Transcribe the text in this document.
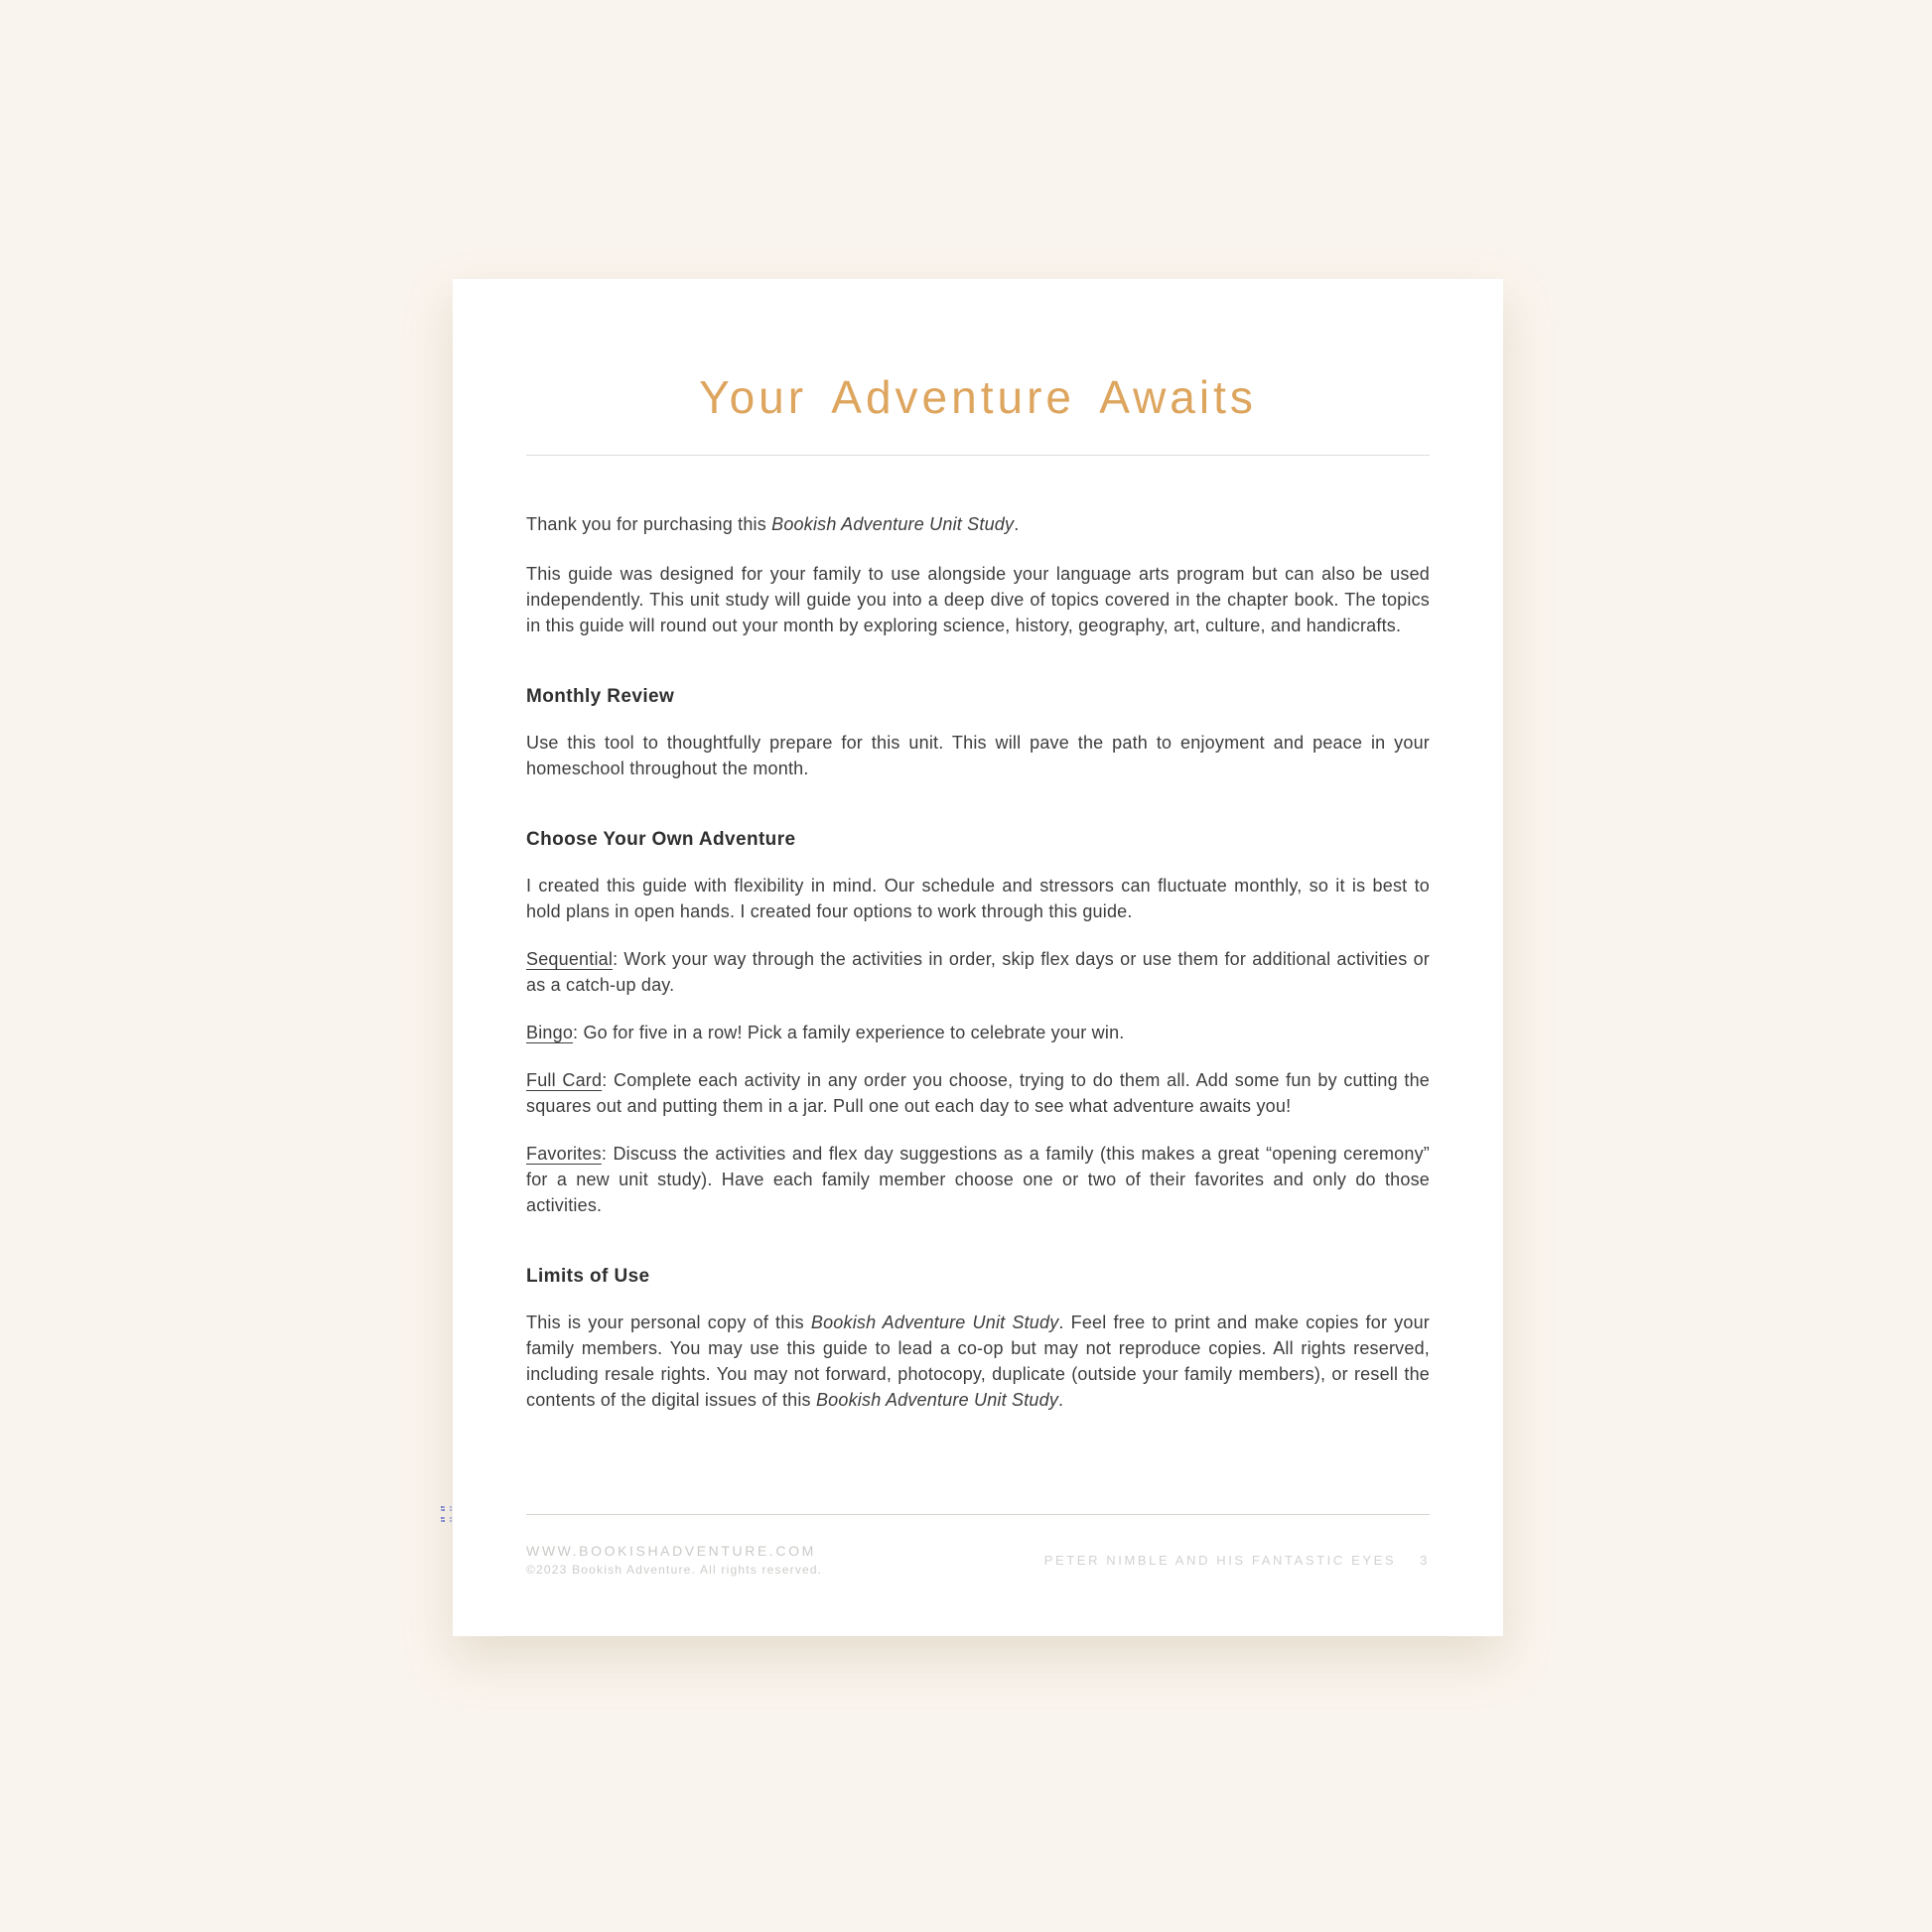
Your Adventure Awaits

Thank you for purchasing this Bookish Adventure Unit Study.

This guide was designed for your family to use alongside your language arts program but can also be used independently. This unit study will guide you into a deep dive of topics covered in the chapter book. The topics in this guide will round out your month by exploring science, history, geography, art, culture, and handicrafts.

Monthly Review

Use this tool to thoughtfully prepare for this unit. This will pave the path to enjoyment and peace in your homeschool throughout the month.

Choose Your Own Adventure

I created this guide with flexibility in mind. Our schedule and stressors can fluctuate monthly, so it is best to hold plans in open hands. I created four options to work through this guide.

Sequential: Work your way through the activities in order, skip flex days or use them for additional activities or as a catch-up day.

Bingo: Go for five in a row! Pick a family experience to celebrate your win.

Full Card: Complete each activity in any order you choose, trying to do them all. Add some fun by cutting the squares out and putting them in a jar. Pull one out each day to see what adventure awaits you!

Favorites: Discuss the activities and flex day suggestions as a family (this makes a great “opening ceremony” for a new unit study). Have each family member choose one or two of their favorites and only do those activities.

Limits of Use

This is your personal copy of this Bookish Adventure Unit Study. Feel free to print and make copies for your family members. You may use this guide to lead a co-op but may not reproduce copies. All rights reserved, including resale rights. You may not forward, photocopy, duplicate (outside your family members), or resell the contents of the digital issues of this Bookish Adventure Unit Study.

WWW.BOOKISHADVENTURE.COM
©2023 Bookish Adventure. All rights reserved.
PETER NIMBLE AND HIS FANTASTIC EYES 3
